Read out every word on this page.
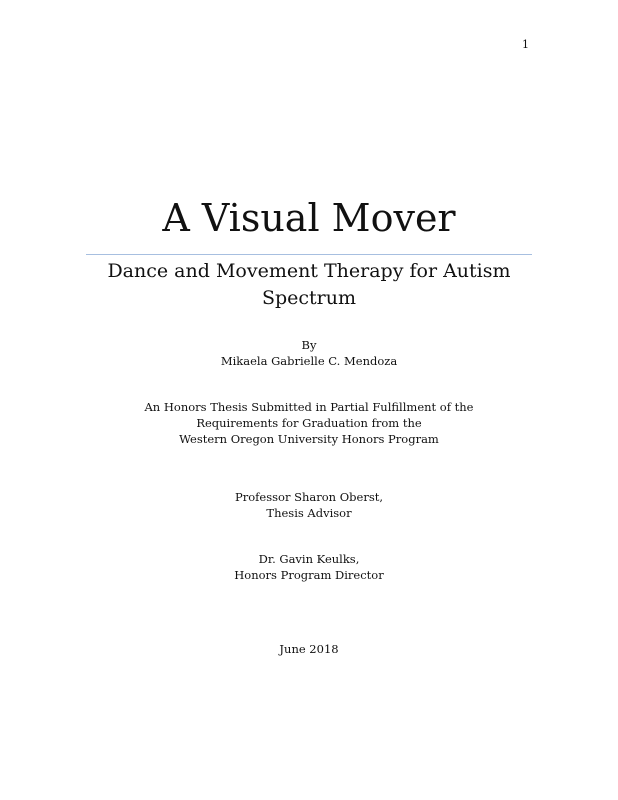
1
A Visual Mover
Dance and Movement Therapy for Autism
Spectrum
By
Mikaela Gabrielle C. Mendoza
An Honors Thesis Submitted in Partial Fulfillment of the
Requirements for Graduation from the
Western Oregon University Honors Program
Professor Sharon Oberst,
Thesis Advisor
Dr. Gavin Keulks,
Honors Program Director
June 2018
